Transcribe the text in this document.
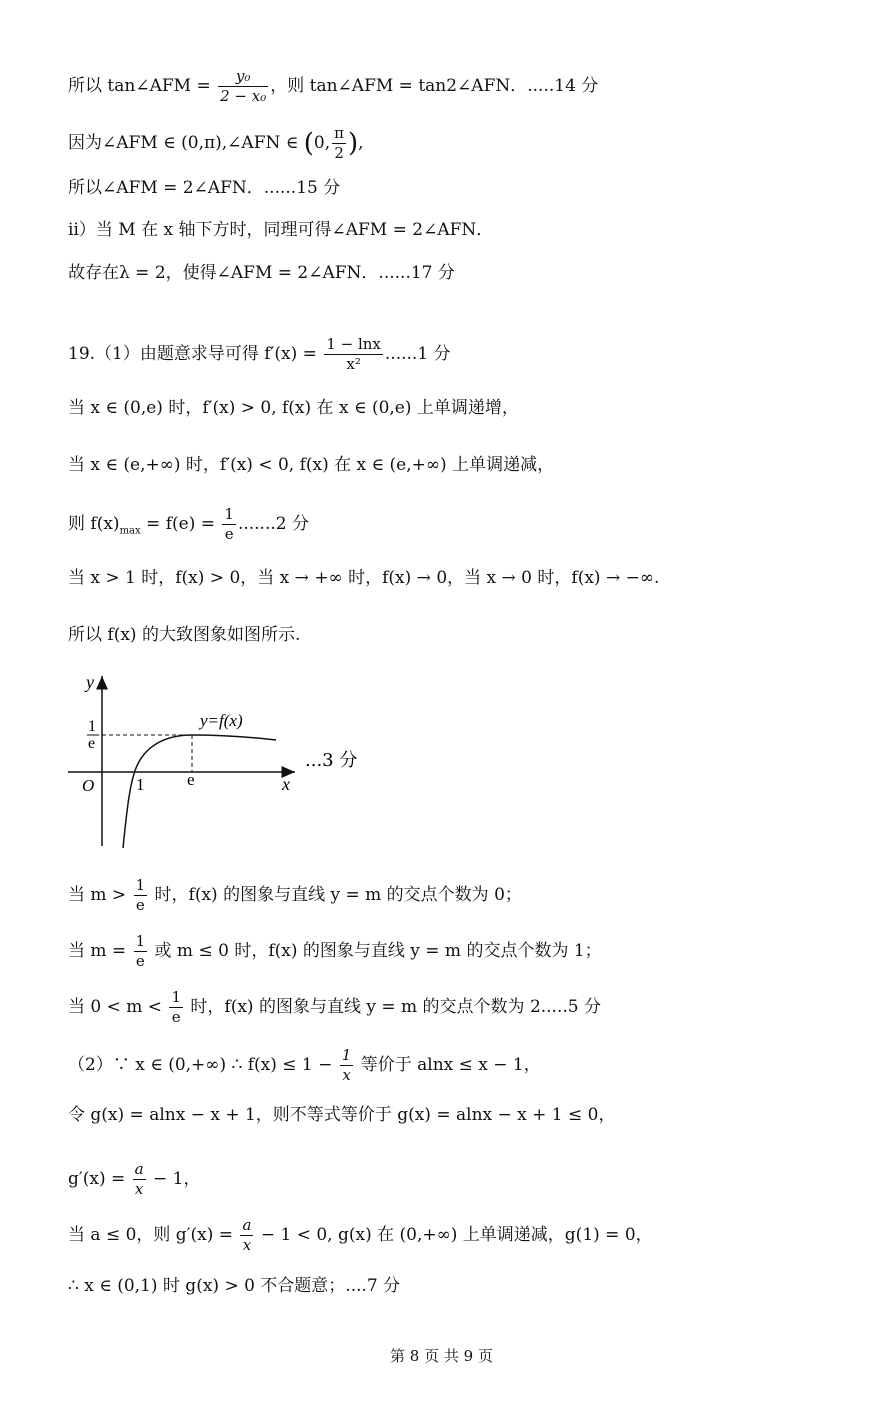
所以 tan∠AFM = $\frac{\text{y₀}}{\text{2 − x₀}}$ ，则 tan∠AFM = tan2∠AFN．.....14 分
因为∠AFM ∈ (0,π),∠AFN ∈ (0, $\frac{\pi}{2}$ ),
所以∠AFM = 2∠AFN．......15 分
ⅱ）当 M 在 x 轴下方时，同理可得∠AFM = 2∠AFN．
故存在λ = 2，使得∠AFM = 2∠AFN．......17 分
19.（1）由题意求导可得 $f'(x) = \frac{1 - \ln x}{\text{x²}} ......1$ 分
当 x ∈ (0,e) 时，f′(x) > 0, f(x) 在 x ∈ (0,e) 上单调递增，
当 x ∈ (e,+∞) 时，f′(x) < 0, f(x) 在 x ∈ (e,+∞) 上单调递减，
则 $f(x)_{max} = f(e) = \frac{1}{e} .......2$ 分
当 x > 1 时，f(x) > 0，当 x → +∞ 时，f(x) → 0，当 x → 0 时，f(x) → −∞.
所以 f(x) 的大致图象如图所示.
y
x
O 1	e
1
e
y=f(x)
...3 分
当 $m > \frac{1}{e}$ 时，f(x) 的图象与直线 y = m 的交点个数为 0；
当 $m = \frac{1}{e}$ 或 m ≤ 0 时，f(x) 的图象与直线 y = m 的交点个数为 1；
当 $0 < m < \frac{1}{e}$ 时，f(x) 的图象与直线 y = m 的交点个数为 2.....5 分
（2）∵ x ∈ (0,+∞) ∴ $f(x) \le 1 - \frac{1}{x}$ 等价于 alnx ≤ x − 1，
令 g(x) = alnx − x + 1，则不等式等价于 g(x) = alnx − x + 1 ≤ 0，
$g'(x) = \frac{a}{x} - 1$，
当 a ≤ 0，则 $g'(x) = \frac{a}{x} - 1 < 0$, g(x) 在 (0,+∞) 上单调递减，g(1) = 0，
∴ x ∈ (0,1) 时 g(x) > 0 不合题意；....7 分
第 8 页 共 9 页
